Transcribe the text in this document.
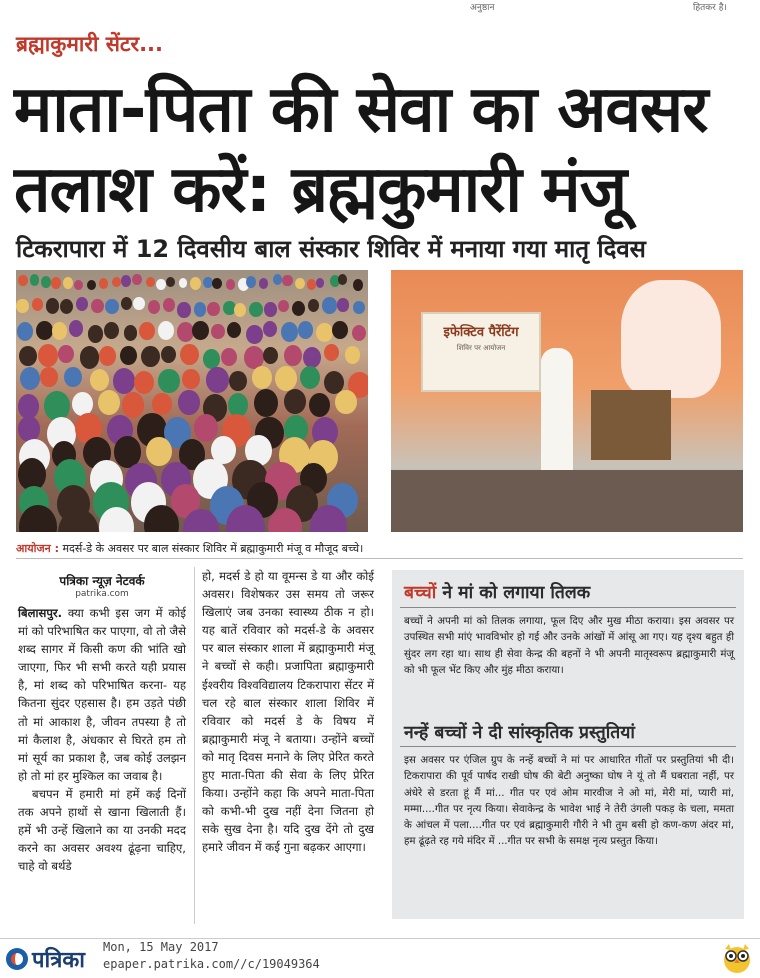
अनुष्ठान	हितकर है।
ब्रह्माकुमारी सेंटर...
माता-पिता की सेवा का अवसर तलाश करें: ब्रह्मकुमारी मंजू
टिकरापारा में 12 दिवसीय बाल संस्कार शिविर में मनाया गया मातृ दिवस
इफेक्टिव पैरेंटिंग
शिविर पर आयोजन
आयोजन : मदर्स-डे के अवसर पर बाल संस्कार शिविर में ब्रह्माकुमारी मंजू व मौजूद बच्चे।
पत्रिका न्यूज़ नेटवर्क
patrika.com

बिलासपुर. क्या कभी इस जग में कोई मां को परिभाषित कर पाएगा, वो तो जैसे शब्द सागर में किसी कण की भांति खो जाएगा, फिर भी सभी करते यही प्रयास है, मां शब्द को परिभाषित करना- यह कितना सुंदर एहसास है। हम उड़ते पंछी तो मां आकाश है, जीवन तपस्या है तो मां कैलाश है, अंधकार से घिरते हम तो मां सूर्य का प्रकाश है, जब कोई उलझन हो तो मां हर मुश्किल का जवाब है।

बचपन में हमारी मां हमें कई दिनों तक अपने हाथों से खाना खिलाती हैं। हमें भी उन्हें खिलाने का या उनकी मदद करने का अवसर अवश्य ढूंढ़ना चाहिए, चाहे वो बर्थडे

हो, मदर्स डे हो या वूमन्स डे या और कोई अवसर। विशेषकर उस समय तो जरूर खिलाएं जब उनका स्वास्थ्य ठीक न हो। यह बातें रविवार को मदर्स-डे के अवसर पर बाल संस्कार शाला में ब्रह्माकुमारी मंजू ने बच्चों से कही। प्रजापिता ब्रह्माकुमारी ईश्वरीय विश्वविद्यालय टिकरापारा सेंटर में चल रहे बाल संस्कार शाला शिविर में रविवार को मदर्स डे के विषय में ब्रह्माकुमारी मंजू ने बताया। उन्होंने बच्चों को मातृ दिवस मनाने के लिए प्रेरित करते हुए माता-पिता की सेवा के लिए प्रेरित किया। उन्होंने कहा कि अपने माता-पिता को कभी-भी दुख नहीं देना जितना हो सके सुख देना है। यदि दुख देंगे तो दुख हमारे जीवन में कई गुना बढ़कर आएगा।

बच्चों ने मां को लगाया तिलक
बच्चों ने अपनी मां को तिलक लगाया, फूल दिए और मुख मीठा कराया। इस अवसर पर उपस्थित सभी मांएं भावविभोर हो गई और उनके आंखों में आंसू आ गए। यह दृश्य बहुत ही सुंदर लग रहा था। साथ ही सेवा केन्द्र की बहनों ने भी अपनी मातृस्वरूप ब्रह्माकुमारी मंजू को भी फूल भेंट किए और मुंह मीठा कराया।
नन्हें बच्चों ने दी सांस्कृतिक प्रस्तुतियां
इस अवसर पर एंजिल ग्रुप के नन्हें बच्चों ने मां पर आधारित गीतों पर प्रस्तुतियां भी दी। टिकरापारा की पूर्व पार्षद राखी घोष की बेटी अनुष्का घोष ने यूं तो मैं घबराता नहीं, पर अंधेरे से डरता हूं मैं मां... गीत पर एवं ओम मारवीज ने ओ मां, मेरी मां, प्यारी मां, मम्मा....गीत पर नृत्य किया। सेवाकेन्द्र के भावेश भाई ने तेरी उंगली पकड़ के चला, ममता के आंचल में पला....गीत पर एवं ब्रह्माकुमारी गौरी ने भी तुम बसी हो कण-कण अंदर मां, हम ढूंढ़ते रह गये मंदिर में ...गीत पर सभी के समक्ष नृत्य प्रस्तुत किया।
पत्रिका
Mon, 15 May 2017
epaper.patrika.com//c/19049364
